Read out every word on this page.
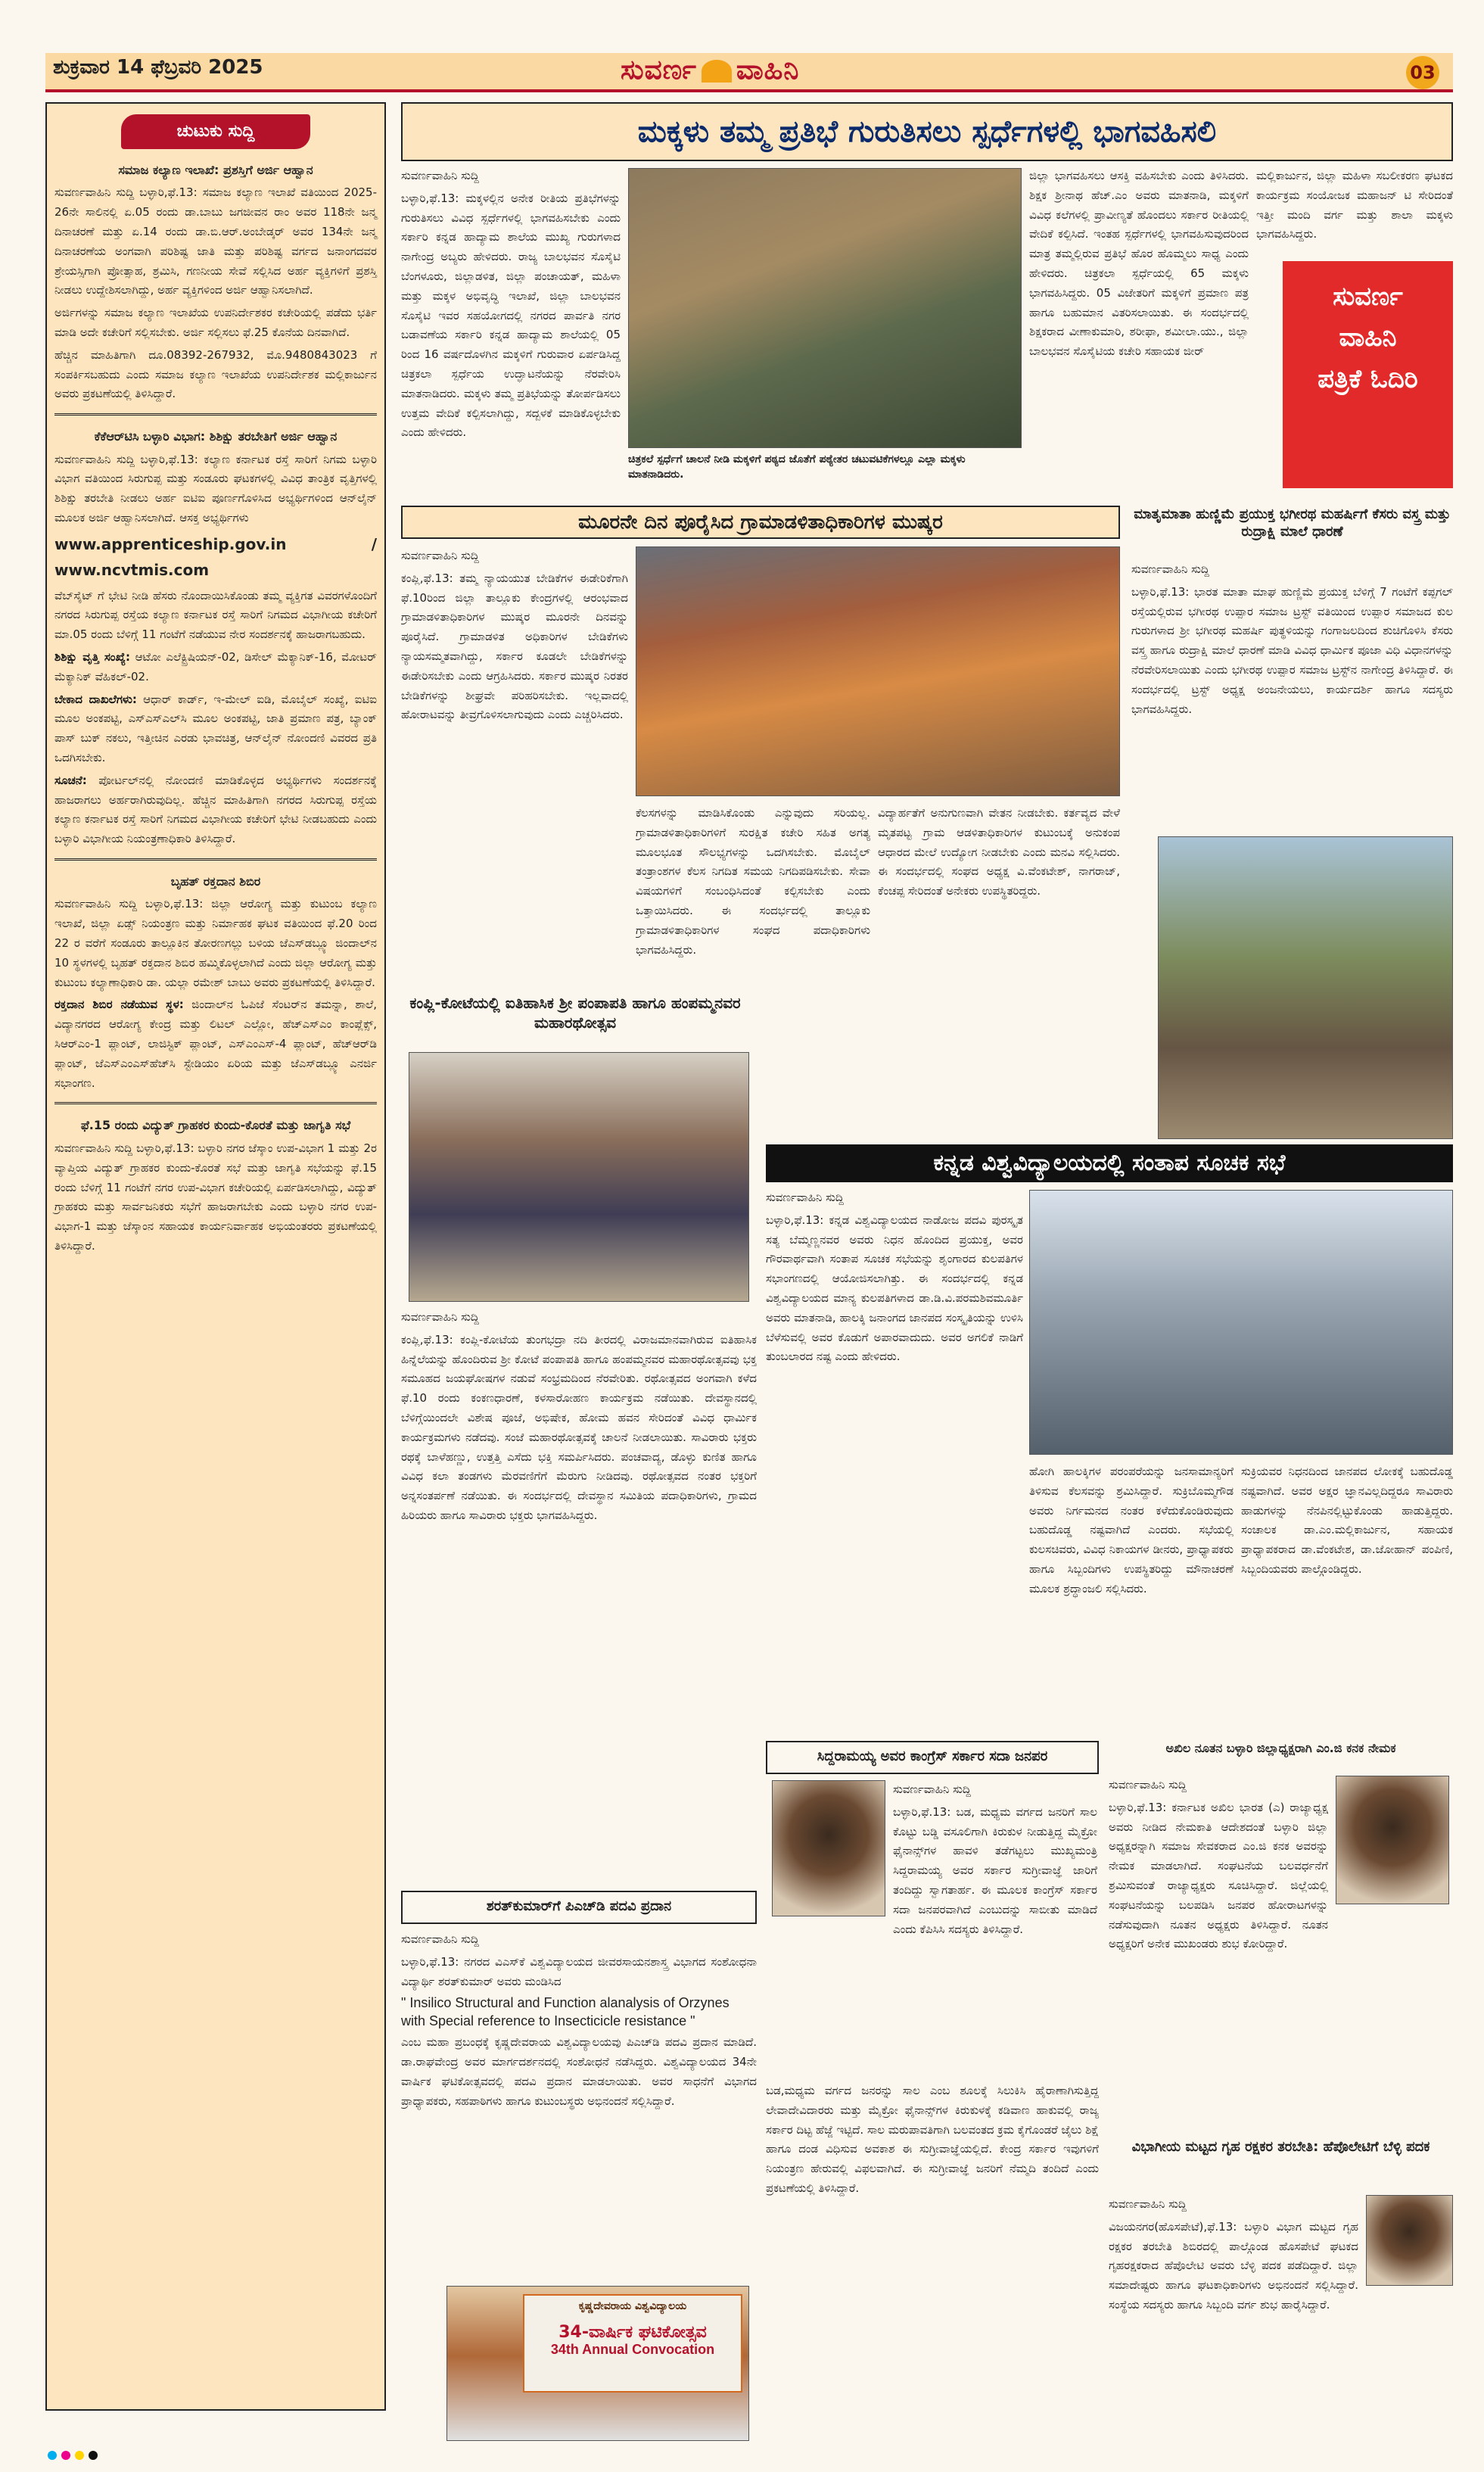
ಶುಕ್ರವಾರ 14 ಫೆಬ್ರವರಿ 2025	ಸುವರ್ಣ ವಾಹಿನಿ	03
ಚುಟುಕು ಸುದ್ದಿ
ಸಮಾಜ ಕಲ್ಯಾಣ ಇಲಾಖೆ: ಪ್ರಶಸ್ತಿಗೆ ಅರ್ಜಿ ಆಹ್ವಾನ

ಸುವರ್ಣವಾಹಿನಿ ಸುದ್ದಿ ಬಳ್ಳಾರಿ,ಫೆ.13: ಸಮಾಜ ಕಲ್ಯಾಣ ಇಲಾಖೆ ವತಿಯಿಂದ 2025-26ನೇ ಸಾಲಿನಲ್ಲಿ ಏ.05 ರಂದು ಡಾ.ಬಾಬು ಜಗಜೀವನ ರಾಂ ಅವರ 118ನೇ ಜನ್ಮ ದಿನಾಚರಣೆ ಮತ್ತು ಏ.14 ರಂದು ಡಾ.ಬಿ.ಆರ್.ಅಂಬೇಡ್ಕರ್ ಅವರ 134ನೇ ಜನ್ಮ ದಿನಾಚರಣೆಯ ಅಂಗವಾಗಿ ಪರಿಶಿಷ್ಟ ಜಾತಿ ಮತ್ತು ಪರಿಶಿಷ್ಟ ವರ್ಗದ ಜನಾಂಗದವರ ಶ್ರೇಯಸ್ಸಿಗಾಗಿ ಪ್ರೋತ್ಸಾಹ, ಶ್ರಮಿಸಿ, ಗಣನೀಯ ಸೇವೆ ಸಲ್ಲಿಸಿದ ಅರ್ಹ ವ್ಯಕ್ತಿಗಳಿಗೆ ಪ್ರಶಸ್ತಿ ನೀಡಲು ಉದ್ದೇಶಿಸಲಾಗಿದ್ದು, ಅರ್ಹ ವ್ಯಕ್ತಿಗಳಿಂದ ಅರ್ಜಿ ಆಹ್ವಾನಿಸಲಾಗಿದೆ.

ಅರ್ಜಿಗಳನ್ನು ಸಮಾಜ ಕಲ್ಯಾಣ ಇಲಾಖೆಯ ಉಪನಿರ್ದೇಶಕರ ಕಚೇರಿಯಲ್ಲಿ ಪಡೆದು ಭರ್ತಿ ಮಾಡಿ ಅದೇ ಕಚೇರಿಗೆ ಸಲ್ಲಿಸಬೇಕು. ಅರ್ಜಿ ಸಲ್ಲಿಸಲು ಫೆ.25 ಕೊನೆಯ ದಿನವಾಗಿದೆ.

ಹೆಚ್ಚಿನ ಮಾಹಿತಿಗಾಗಿ ದೂ.08392-267932, ಮೊ.9480843023 ಗೆ ಸಂಪರ್ಕಿಸಬಹುದು ಎಂದು ಸಮಾಜ ಕಲ್ಯಾಣ ಇಲಾಖೆಯ ಉಪನಿರ್ದೇಶಕ ಮಲ್ಲಿಕಾರ್ಜುನ ಅವರು ಪ್ರಕಟಣೆಯಲ್ಲಿ ತಿಳಿಸಿದ್ದಾರೆ.

ಕೆಕೆಆರ್‌ಟಿಸಿ ಬಳ್ಳಾರಿ ವಿಭಾಗ: ಶಿಶಿಕ್ಷು ತರಬೇತಿಗೆ ಅರ್ಜಿ ಆಹ್ವಾನ

ಸುವರ್ಣವಾಹಿನಿ ಸುದ್ದಿ ಬಳ್ಳಾರಿ,ಫೆ.13: ಕಲ್ಯಾಣ ಕರ್ನಾಟಕ ರಸ್ತೆ ಸಾರಿಗೆ ನಿಗಮ ಬಳ್ಳಾರಿ ವಿಭಾಗ ವತಿಯಿಂದ ಸಿರುಗುಪ್ಪ ಮತ್ತು ಸಂಡೂರು ಘಟಕಗಳಲ್ಲಿ ವಿವಿಧ ತಾಂತ್ರಿಕ ವೃತ್ತಿಗಳಲ್ಲಿ ಶಿಶಿಕ್ಷು ತರಬೇತಿ ನೀಡಲು ಅರ್ಹ ಐಟಿಐ ಪೂರ್ಣಗೊಳಿಸಿದ ಅಭ್ಯರ್ಥಿಗಳಿಂದ ಆನ್‌ಲೈನ್ ಮೂಲಕ ಅರ್ಜಿ ಆಹ್ವಾನಿಸಲಾಗಿದೆ. ಆಸಕ್ತ ಅಭ್ಯರ್ಥಿಗಳು

www.apprenticeship.gov.in / www.ncvtmis.com

ವೆಬ್‌ಸೈಟ್ ಗೆ ಭೇಟಿ ನೀಡಿ ಹೆಸರು ನೊಂದಾಯಿಸಿಕೊಂಡು ತಮ್ಮ ವ್ಯಕ್ತಿಗತ ವಿವರಗಳೊಂದಿಗೆ ನಗರದ ಸಿರುಗುಪ್ಪ ರಸ್ತೆಯ ಕಲ್ಯಾಣ ಕರ್ನಾಟಕ ರಸ್ತೆ ಸಾರಿಗೆ ನಿಗಮದ ವಿಭಾಗೀಯ ಕಚೇರಿಗೆ ಮಾ.05 ರಂದು ಬೆಳಿಗ್ಗೆ 11 ಗಂಟೆಗೆ ನಡೆಯುವ ನೇರ ಸಂದರ್ಶನಕ್ಕೆ ಹಾಜರಾಗಬಹುದು.

ಶಿಶಿಕ್ಷು ವೃತ್ತಿ ಸಂಖ್ಯೆ: ಆಟೋ ಎಲೆಕ್ಟ್ರಿಷಿಯನ್-02, ಡಿಸೇಲ್ ಮೆಕ್ಯಾನಿಕ್-16, ಮೋಟರ್ ಮೆಕ್ಯಾನಿಕ್ ವೆಹಿಕಲ್-02.

ಬೇಕಾದ ದಾಖಲೆಗಳು: ಆಧಾರ್ ಕಾರ್ಡ್, ಇ-ಮೇಲ್ ಐಡಿ, ಮೊಬೈಲ್ ಸಂಖ್ಯೆ, ಐಟಿಐ ಮೂಲ ಅಂಕಪಟ್ಟಿ, ಎಸ್‌ಎಸ್‌ಎಲ್‌ಸಿ ಮೂಲ ಅಂಕಪಟ್ಟಿ, ಜಾತಿ ಪ್ರಮಾಣ ಪತ್ರ, ಬ್ಯಾಂಕ್ ಪಾಸ್ ಬುಕ್ ನಕಲು, ಇತ್ತೀಚಿನ ಎರಡು ಭಾವಚಿತ್ರ, ಆನ್‌ಲೈನ್ ನೋಂದಣಿ ವಿವರದ ಪ್ರತಿ ಒದಗಿಸಬೇಕು.

ಸೂಚನೆ: ಪೋರ್ಟಲ್‌ನಲ್ಲಿ ನೋಂದಣಿ ಮಾಡಿಕೊಳ್ಳದ ಅಭ್ಯರ್ಥಿಗಳು ಸಂದರ್ಶನಕ್ಕೆ ಹಾಜರಾಗಲು ಅರ್ಹರಾಗಿರುವುದಿಲ್ಲ. ಹೆಚ್ಚಿನ ಮಾಹಿತಿಗಾಗಿ ನಗರದ ಸಿರುಗುಪ್ಪ ರಸ್ತೆಯ ಕಲ್ಯಾಣ ಕರ್ನಾಟಕ ರಸ್ತೆ ಸಾರಿಗೆ ನಿಗಮದ ವಿಭಾಗೀಯ ಕಚೇರಿಗೆ ಭೇಟಿ ನೀಡಬಹುದು ಎಂದು ಬಳ್ಳಾರಿ ವಿಭಾಗೀಯ ನಿಯಂತ್ರಣಾಧಿಕಾರಿ ತಿಳಿಸಿದ್ದಾರೆ.

ಬೃಹತ್ ರಕ್ತದಾನ ಶಿಬಿರ

ಸುವರ್ಣವಾಹಿನಿ ಸುದ್ದಿ ಬಳ್ಳಾರಿ,ಫೆ.13: ಜಿಲ್ಲಾ ಆರೋಗ್ಯ ಮತ್ತು ಕುಟುಂಬ ಕಲ್ಯಾಣ ಇಲಾಖೆ, ಜಿಲ್ಲಾ ಏಡ್ಸ್ ನಿಯಂತ್ರಣ ಮತ್ತು ನಿರ್ಮಾಹಕ ಘಟಕ ವತಿಯಿಂದ ಫೆ.20 ರಿಂದ 22 ರ ವರೆಗೆ ಸಂಡೂರು ತಾಲ್ಲೂಕಿನ ತೋರಣಗಲ್ಲು ಬಳಿಯ ಜೆಎಸ್‌ಡಬ್ಲ್ಯೂ ಜಿಂದಾಲ್‌ನ 10 ಸ್ಥಳಗಳಲ್ಲಿ ಬೃಹತ್ ರಕ್ತದಾನ ಶಿಬಿರ ಹಮ್ಮಿಕೊಳ್ಳಲಾಗಿದೆ ಎಂದು ಜಿಲ್ಲಾ ಆರೋಗ್ಯ ಮತ್ತು ಕುಟುಂಬ ಕಲ್ಯಾಣಾಧಿಕಾರಿ ಡಾ. ಯಲ್ಲಾ ರಮೇಶ್ ಬಾಬು ಅವರು ಪ್ರಕಟಣೆಯಲ್ಲಿ ತಿಳಿಸಿದ್ದಾರೆ.

ರಕ್ತದಾನ ಶಿಬಿರ ನಡೆಯುವ ಸ್ಥಳ: ಜಿಂದಾಲ್‌ನ ಓಪಿಜೆ ಸೆಂಟರ್‌ನ ತಮನ್ನಾ, ಶಾಲೆ, ವಿದ್ಯಾನಗರದ ಆರೋಗ್ಯ ಕೇಂದ್ರ ಮತ್ತು ಲಿಟಲ್ ಎಲ್ಲೋ, ಹೆಚ್ಎಸ್‌ಎಂ ಕಾಂಪ್ಲೆಕ್ಸ್, ಸಿಆರ್‌ಎಂ-1 ಪ್ಲಾಂಟ್, ಲಾಜಿಸ್ಟಿಕ್ ಪ್ಲಾಂಟ್, ಎಸ್‌ಎಂಎಸ್-4 ಪ್ಲಾಂಟ್, ಹೆಚ್‌ಆರ್‌ಡಿ ಪ್ಲಾಂಟ್, ಜೆಎಸ್‌ಎಂಎಸ್‌ಹೆಚ್‌ಸಿ ಸ್ಟೇಡಿಯಂ ಏರಿಯ ಮತ್ತು ಜೆಎಸ್‌ಡಬ್ಲ್ಯೂ ಎನರ್ಜಿ ಸಭಾಂಗಣ.

ಫೆ.15 ರಂದು ವಿದ್ಯುತ್ ಗ್ರಾಹಕರ ಕುಂದು-ಕೊರತೆ ಮತ್ತು ಜಾಗೃತಿ ಸಭೆ

ಸುವರ್ಣವಾಹಿನಿ ಸುದ್ದಿ ಬಳ್ಳಾರಿ,ಫೆ.13: ಬಳ್ಳಾರಿ ನಗರ ಜೆಸ್ಕಾಂ ಉಪ-ವಿಭಾಗ 1 ಮತ್ತು 2ರ ವ್ಯಾಪ್ತಿಯ ವಿದ್ಯುತ್ ಗ್ರಾಹಕರ ಕುಂದು-ಕೊರತೆ ಸಭೆ ಮತ್ತು ಜಾಗೃತಿ ಸಭೆಯನ್ನು ಫೆ.15 ರಂದು ಬೆಳಿಗ್ಗೆ 11 ಗಂಟೆಗೆ ನಗರ ಉಪ-ವಿಭಾಗ ಕಚೇರಿಯಲ್ಲಿ ಏರ್ಪಡಿಸಲಾಗಿದ್ದು, ವಿದ್ಯುತ್ ಗ್ರಾಹಕರು ಮತ್ತು ಸಾರ್ವಜನಿಕರು ಸಭೆಗೆ ಹಾಜರಾಗಬೇಕು ಎಂದು ಬಳ್ಳಾರಿ ನಗರ ಉಪ-ವಿಭಾಗ-1 ಮತ್ತು ಜೆಸ್ಕಾಂನ ಸಹಾಯಕ ಕಾರ್ಯನಿರ್ವಾಹಕ ಅಭಿಯಂತರರು ಪ್ರಕಟಣೆಯಲ್ಲಿ ತಿಳಿಸಿದ್ದಾರೆ.

ಮಕ್ಕಳು ತಮ್ಮ ಪ್ರತಿಭೆ ಗುರುತಿಸಲು ಸ್ಪರ್ಧೆಗಳಲ್ಲಿ ಭಾಗವಹಿಸಲಿ

ಸುವರ್ಣವಾಹಿನಿ ಸುದ್ದಿ

ಬಳ್ಳಾರಿ,ಫೆ.13: ಮಕ್ಕಳಲ್ಲಿನ ಅನೇಕ ರೀತಿಯ ಪ್ರತಿಭೆಗಳನ್ನು ಗುರುತಿಸಲು ವಿವಿಧ ಸ್ಪರ್ಧೆಗಳಲ್ಲಿ ಭಾಗವಹಿಸಬೇಕು ಎಂದು ಸರ್ಕಾರಿ ಕನ್ನಡ ಹಾದ್ಯಾಮ ಶಾಲೆಯ ಮುಖ್ಯ ಗುರುಗಳಾದ ನಾಗೇಂದ್ರ ಅಬ್ಯರು ಹೇಳಿದರು. ರಾಜ್ಯ ಬಾಲಭವನ ಸೊಸೈಟಿ ಬೆಂಗಳೂರು, ಜಿಲ್ಲಾಡಳಿತ, ಜಿಲ್ಲಾ ಪಂಚಾಯತ್, ಮಹಿಳಾ ಮತ್ತು ಮಕ್ಕಳ ಅಭಿವೃದ್ಧಿ ಇಲಾಖೆ, ಜಿಲ್ಲಾ ಬಾಲಭವನ ಸೊಸೈಟಿ ಇವರ ಸಹಯೋಗದಲ್ಲಿ ನಗರದ ಪಾರ್ವತಿ ನಗರ ಬಡಾವಣೆಯ ಸರ್ಕಾರಿ ಕನ್ನಡ ಹಾದ್ಯಾಮ ಶಾಲೆಯಲ್ಲಿ 05 ರಿಂದ 16 ವರ್ಷದೊಳಗಿನ ಮಕ್ಕಳಿಗೆ ಗುರುವಾರ ಏರ್ಪಡಿಸಿದ್ದ ಚಿತ್ರಕಲಾ ಸ್ಪರ್ಧೆಯ ಉದ್ಘಾಟನೆಯನ್ನು ನೆರವೇರಿಸಿ ಮಾತನಾಡಿದರು. ಮಕ್ಕಳು ತಮ್ಮ ಪ್ರತಿಭೆಯನ್ನು ತೋರ್ಪಡಿಸಲು ಉತ್ತಮ ವೇದಿಕೆ ಕಲ್ಪಿಸಲಾಗಿದ್ದು, ಸದ್ಬಳಕೆ ಮಾಡಿಕೊಳ್ಳಬೇಕು ಎಂದು ಹೇಳಿದರು.

ಚಿತ್ರಕಲೆ ಸ್ಪರ್ಧೆಗೆ ಚಾಲನೆ ನೀಡಿ ಮಕ್ಕಳಿಗೆ ಪಠ್ಯದ ಜೊತೆಗೆ ಪಠ್ಯೇತರ ಚಟುವಟಿಕೆಗಳಲ್ಲೂ ಎಲ್ಲಾ ಮಕ್ಕಳು ಮಾತನಾಡಿದರು.

ಜಿಲ್ಲಾ ಭಾಗವಹಿಸಲು ಆಸಕ್ತಿ ವಹಿಸಬೇಕು ಎಂದು ತಿಳಿಸಿದರು. ಶಿಕ್ಷಕ ಶ್ರೀನಾಥ ಹೆಚ್.ಎಂ ಅವರು ಮಾತನಾಡಿ, ಮಕ್ಕಳಿಗೆ ವಿವಿಧ ಕಲೆಗಳಲ್ಲಿ ಪ್ರಾವೀಣ್ಯತೆ ಹೊಂದಲು ಸರ್ಕಾರ ರೀತಿಯಲ್ಲಿ ವೇದಿಕೆ ಕಲ್ಪಿಸಿದೆ. ಇಂತಹ ಸ್ಪರ್ಧೆಗಳಲ್ಲಿ ಭಾಗವಹಿಸುವುದರಿಂದ ಮಾತ್ರ ತಮ್ಮಲ್ಲಿರುವ ಪ್ರತಿಭೆ ಹೊರ ಹೊಮ್ಮಲು ಸಾಧ್ಯ ಎಂದು ಹೇಳಿದರು. ಚಿತ್ರಕಲಾ ಸ್ಪರ್ಧೆಯಲ್ಲಿ 65 ಮಕ್ಕಳು ಭಾಗವಹಿಸಿದ್ದರು. 05 ವಿಜೇತರಿಗೆ ಮಕ್ಕಳಿಗೆ ಪ್ರಮಾಣ ಪತ್ರ ಹಾಗೂ ಬಹುಮಾನ ವಿತರಿಸಲಾಯಿತು. ಈ ಸಂದರ್ಭದಲ್ಲಿ ಶಿಕ್ಷಕರಾದ ವೀಣಾಕುಮಾರಿ, ಶರೀಫಾ, ಶಮೀಲಾ.ಯು., ಜಿಲ್ಲಾ ಬಾಲಭವನ ಸೊಸೈಟಿಯ ಕಚೇರಿ ಸಹಾಯಕ ಜೀರ್

ಮಲ್ಲಿಕಾರ್ಜುನ, ಜಿಲ್ಲಾ ಮಹಿಳಾ ಸಬಲೀಕರಣ ಘಟಕದ ಕಾರ್ಯಕ್ರಮ ಸಂಯೋಜಕ ಮಹಾಜನ್ ಟಿ ಸೇರಿದಂತೆ ಇತ್ತೀ ಮಂದಿ ವರ್ಗ ಮತ್ತು ಶಾಲಾ ಮಕ್ಕಳು ಭಾಗವಹಿಸಿದ್ದರು.

ಸುವರ್ಣ
ವಾಹಿನಿ
ಪತ್ರಿಕೆ ಓದಿರಿ
ಮೂರನೇ ದಿನ ಪೂರೈಸಿದ ಗ್ರಾಮಾಡಳಿತಾಧಿಕಾರಿಗಳ ಮುಷ್ಕರ

ಸುವರ್ಣವಾಹಿನಿ ಸುದ್ದಿ

ಕಂಪ್ಲಿ,ಫೆ.13: ತಮ್ಮ ನ್ಯಾಯಯುತ ಬೇಡಿಕೆಗಳ ಈಡೇರಿಕೆಗಾಗಿ ಫೆ.10ರಿಂದ ಜಿಲ್ಲಾ ತಾಲ್ಲೂಕು ಕೇಂದ್ರಗಳಲ್ಲಿ ಆರಂಭವಾದ ಗ್ರಾಮಾಡಳಿತಾಧಿಕಾರಿಗಳ ಮುಷ್ಕರ ಮೂರನೇ ದಿನವನ್ನು ಪೂರೈಸಿದೆ. ಗ್ರಾಮಾಡಳಿತ ಅಧಿಕಾರಿಗಳ ಬೇಡಿಕೆಗಳು ನ್ಯಾಯಸಮ್ಮತವಾಗಿದ್ದು, ಸರ್ಕಾರ ಕೂಡಲೇ ಬೇಡಿಕೆಗಳನ್ನು ಈಡೇರಿಸಬೇಕು ಎಂದು ಆಗ್ರಹಿಸಿದರು. ಸರ್ಕಾರ ಮುಷ್ಕರ ನಿರತರ ಬೇಡಿಕೆಗಳನ್ನು ಶೀಘ್ರವೇ ಪರಿಹರಿಸಬೇಕು. ಇಲ್ಲವಾದಲ್ಲಿ ಹೋರಾಟವನ್ನು ತೀವ್ರಗೊಳಿಸಲಾಗುವುದು ಎಂದು ಎಚ್ಚರಿಸಿದರು.

ಕೆಲಸಗಳನ್ನು ಮಾಡಿಸಿಕೊಂಡು ಎನ್ನುವುದು ಸರಿಯಲ್ಲ. ಗ್ರಾಮಾಡಳಿತಾಧಿಕಾರಿಗಳಿಗೆ ಸುರಕ್ಷಿತ ಕಚೇರಿ ಸಹಿತ ಅಗತ್ಯ ಮೂಲಭೂತ ಸೌಲಭ್ಯಗಳನ್ನು ಒದಗಿಸಬೇಕು. ಮೊಬೈಲ್ ತಂತ್ರಾಂಶಗಳ ಕೆಲಸ ನಿಗದಿತ ಸಮಯ ನಿಗದಿಪಡಿಸಬೇಕು. ಸೇವಾ ವಿಷಯಗಳಿಗೆ ಸಂಬಂಧಿಸಿದಂತೆ ಕಲ್ಪಿಸಬೇಕು ಎಂದು ಒತ್ತಾಯಿಸಿದರು. ಈ ಸಂದರ್ಭದಲ್ಲಿ ತಾಲ್ಲೂಕು ಗ್ರಾಮಾಡಳಿತಾಧಿಕಾರಿಗಳ ಸಂಘದ ಪದಾಧಿಕಾರಿಗಳು ಭಾಗವಹಿಸಿದ್ದರು.

ವಿದ್ಯಾರ್ಹತೆಗೆ ಅನುಗುಣವಾಗಿ ವೇತನ ನೀಡಬೇಕು. ಕರ್ತವ್ಯದ ವೇಳೆ ಮೃತಪಟ್ಟ ಗ್ರಾಮ ಆಡಳಿತಾಧಿಕಾರಿಗಳ ಕುಟುಂಬಕ್ಕೆ ಅನುಕಂಪ ಆಧಾರದ ಮೇಲೆ ಉದ್ಯೋಗ ನೀಡಬೇಕು ಎಂದು ಮನವಿ ಸಲ್ಲಿಸಿದರು. ಈ ಸಂದರ್ಭದಲ್ಲಿ ಸಂಘದ ಅಧ್ಯಕ್ಷ ವಿ.ವೆಂಕಟೇಶ್, ನಾಗರಾಜ್, ಕೆಂಚಪ್ಪ ಸೇರಿದಂತೆ ಅನೇಕರು ಉಪಸ್ಥಿತರಿದ್ದರು.

ಮಾತೃಮಾತಾ ಹುಣ್ಣಿಮೆ ಪ್ರಯುಕ್ತ ಭಗೀರಥ ಮಹರ್ಷಿಗೆ ಕೆಸರು ವಸ್ತ್ರ ಮತ್ತು ರುದ್ರಾಕ್ಷಿ ಮಾಲೆ ಧಾರಣೆ

ಸುವರ್ಣವಾಹಿನಿ ಸುದ್ದಿ

ಬಳ್ಳಾರಿ,ಫೆ.13: ಭಾರತ ಮಾತಾ ಮಾಘ ಹುಣ್ಣಿಮೆ ಪ್ರಯುಕ್ತ ಬೆಳಿಗ್ಗೆ 7 ಗಂಟೆಗೆ ಕಪ್ಪಗಲ್ ರಸ್ತೆಯಲ್ಲಿರುವ ಭಗೀರಥ ಉಪ್ಪಾರ ಸಮಾಜ ಟ್ರಸ್ಟ್ ವತಿಯಿಂದ ಉಪ್ಪಾರ ಸಮಾಜದ ಕುಲ ಗುರುಗಳಾದ ಶ್ರೀ ಭಗೀರಥ ಮಹರ್ಷಿ ಪುತ್ಥಳಿಯನ್ನು ಗಂಗಾಜಲದಿಂದ ಶುಚಿಗೊಳಿಸಿ ಕೆಸರು ವಸ್ತ್ರ ಹಾಗೂ ರುದ್ರಾಕ್ಷಿ ಮಾಲೆ ಧಾರಣೆ ಮಾಡಿ ವಿವಿಧ ಧಾರ್ಮಿಕ ಪೂಜಾ ವಿಧಿ ವಿಧಾನಗಳನ್ನು ನೆರವೇರಿಸಲಾಯಿತು ಎಂದು ಭಗೀರಥ ಉಪ್ಪಾರ ಸಮಾಜ ಟ್ರಸ್ಟ್‌ನ ನಾಗೇಂದ್ರ ತಿಳಿಸಿದ್ದಾರೆ. ಈ ಸಂದರ್ಭದಲ್ಲಿ ಟ್ರಸ್ಟ್ ಅಧ್ಯಕ್ಷ ಅಂಜನೇಯಲು, ಕಾರ್ಯದರ್ಶಿ ಹಾಗೂ ಸದಸ್ಯರು ಭಾಗವಹಿಸಿದ್ದರು.

ಕಂಪ್ಲಿ-ಕೋಟೆಯಲ್ಲಿ ಐತಿಹಾಸಿಕ ಶ್ರೀ ಪಂಪಾಪತಿ ಹಾಗೂ ಹಂಪಮ್ಮನವರ ಮಹಾರಥೋತ್ಸವ

ಸುವರ್ಣವಾಹಿನಿ ಸುದ್ದಿ

ಕಂಪ್ಲಿ,ಫೆ.13: ಕಂಪ್ಲಿ-ಕೋಟೆಯ ತುಂಗಭದ್ರಾ ನದಿ ತೀರದಲ್ಲಿ ವಿರಾಜಮಾನವಾಗಿರುವ ಐತಿಹಾಸಿಕ ಹಿನ್ನೆಲೆಯನ್ನು ಹೊಂದಿರುವ ಶ್ರೀ ಕೋಟೆ ಪಂಪಾಪತಿ ಹಾಗೂ ಹಂಪಮ್ಮನವರ ಮಹಾರಥೋತ್ಸವವು ಭಕ್ತ ಸಮೂಹದ ಜಯಘೋಷಗಳ ನಡುವೆ ಸಂಭ್ರಮದಿಂದ ನೆರವೇರಿತು. ರಥೋತ್ಸವದ ಅಂಗವಾಗಿ ಕಳೆದ ಫೆ.10 ರಂದು ಕಂಕಣಧಾರಣೆ, ಕಳಸಾರೋಹಣ ಕಾರ್ಯಕ್ರಮ ನಡೆಯಿತು. ದೇವಸ್ಥಾನದಲ್ಲಿ ಬೆಳಿಗ್ಗೆಯಿಂದಲೇ ವಿಶೇಷ ಪೂಜೆ, ಅಭಿಷೇಕ, ಹೋಮ ಹವನ ಸೇರಿದಂತೆ ವಿವಿಧ ಧಾರ್ಮಿಕ ಕಾರ್ಯಕ್ರಮಗಳು ನಡೆದವು. ಸಂಜೆ ಮಹಾರಥೋತ್ಸವಕ್ಕೆ ಚಾಲನೆ ನೀಡಲಾಯಿತು. ಸಾವಿರಾರು ಭಕ್ತರು ರಥಕ್ಕೆ ಬಾಳೆಹಣ್ಣು, ಉತ್ತತ್ತಿ ಎಸೆದು ಭಕ್ತಿ ಸಮರ್ಪಿಸಿದರು. ಪಂಚವಾದ್ಯ, ಡೊಳ್ಳು ಕುಣಿತ ಹಾಗೂ ವಿವಿಧ ಕಲಾ ತಂಡಗಳು ಮೆರವಣಿಗೆಗೆ ಮೆರುಗು ನೀಡಿದವು. ರಥೋತ್ಸವದ ನಂತರ ಭಕ್ತರಿಗೆ ಅನ್ನಸಂತರ್ಪಣೆ ನಡೆಯಿತು. ಈ ಸಂದರ್ಭದಲ್ಲಿ ದೇವಸ್ಥಾನ ಸಮಿತಿಯ ಪದಾಧಿಕಾರಿಗಳು, ಗ್ರಾಮದ ಹಿರಿಯರು ಹಾಗೂ ಸಾವಿರಾರು ಭಕ್ತರು ಭಾಗವಹಿಸಿದ್ದರು.

ಕನ್ನಡ ವಿಶ್ವವಿದ್ಯಾಲಯದಲ್ಲಿ ಸಂತಾಪ ಸೂಚಕ ಸಭೆ

ಸುವರ್ಣವಾಹಿನಿ ಸುದ್ದಿ

ಬಳ್ಳಾರಿ,ಫೆ.13: ಕನ್ನಡ ವಿಶ್ವವಿದ್ಯಾಲಯದ ನಾಡೋಜ ಪದವಿ ಪುರಸ್ಕೃತ ಸತ್ಯ ಬೆಮ್ಮಣ್ಣನವರ ಅವರು ನಿಧನ ಹೊಂದಿದ ಪ್ರಯುಕ್ತ, ಅವರ ಗೌರವಾರ್ಥವಾಗಿ ಸಂತಾಪ ಸೂಚಕ ಸಭೆಯನ್ನು ಶೃಂಗಾರದ ಕುಲಪತಿಗಳ ಸಭಾಂಗಣದಲ್ಲಿ ಆಯೋಜಿಸಲಾಗಿತ್ತು. ಈ ಸಂದರ್ಭದಲ್ಲಿ ಕನ್ನಡ ವಿಶ್ವವಿದ್ಯಾಲಯದ ಮಾನ್ಯ ಕುಲಪತಿಗಳಾದ ಡಾ.ಡಿ.ವಿ.ಪರಮಶಿವಮೂರ್ತಿ ಅವರು ಮಾತನಾಡಿ, ಹಾಲಕ್ಕಿ ಜನಾಂಗದ ಜಾನಪದ ಸಂಸ್ಕೃತಿಯನ್ನು ಉಳಿಸಿ ಬೆಳೆಸುವಲ್ಲಿ ಅವರ ಕೊಡುಗೆ ಅಪಾರವಾದುದು. ಅವರ ಅಗಲಿಕೆ ನಾಡಿಗೆ ತುಂಬಲಾರದ ನಷ್ಟ ಎಂದು ಹೇಳಿದರು.

ಹೋಗಿ ಹಾಲಕ್ಕಿಗಳ ಪರಂಪರೆಯನ್ನು ಜನಸಾಮಾನ್ಯರಿಗೆ ತಿಳಿಸುವ ಕೆಲಸವನ್ನು ಶ್ರಮಿಸಿದ್ದಾರೆ. ಸುಕ್ರಿಬೊಮ್ಮಗೌಡ ಅವರು ನಿರ್ಗಮನದ ನಂತರ ಕಳೆದುಕೊಂಡಿರುವುದು ಬಹುದೊಡ್ಡ ನಷ್ಟವಾಗಿದೆ ಎಂದರು. ಸಭೆಯಲ್ಲಿ ಕುಲಸಚಿವರು, ವಿವಿಧ ನಿಕಾಯಗಳ ಡೀನರು, ಪ್ರಾಧ್ಯಾಪಕರು ಹಾಗೂ ಸಿಬ್ಬಂದಿಗಳು ಉಪಸ್ಥಿತರಿದ್ದು ಮೌನಾಚರಣೆ ಮೂಲಕ ಶ್ರದ್ಧಾಂಜಲಿ ಸಲ್ಲಿಸಿದರು.

ಸುಕ್ರಿಯವರ ನಿಧನದಿಂದ ಜಾನಪದ ಲೋಕಕ್ಕೆ ಬಹುದೊಡ್ಡ ನಷ್ಟವಾಗಿದೆ. ಅವರ ಅಕ್ಷರ ಜ್ಞಾನವಿಲ್ಲದಿದ್ದರೂ ಸಾವಿರಾರು ಹಾಡುಗಳನ್ನು ನೆನಪಿನಲ್ಲಿಟ್ಟುಕೊಂಡು ಹಾಡುತ್ತಿದ್ದರು. ಸಂಚಾಲಕ ಡಾ.ಎಂ.ಮಲ್ಲಿಕಾರ್ಜುನ, ಸಹಾಯಕ ಪ್ರಾಧ್ಯಾಪಕರಾದ ಡಾ.ವೆಂಕಟೇಶ, ಡಾ.ಜೋಹಾನ್ ಪಂಪಿಣಿ, ಸಿಬ್ಬಂದಿಯವರು ಪಾಲ್ಗೊಂಡಿದ್ದರು.

ಸಿದ್ದರಾಮಯ್ಯ ಅವರ ಕಾಂಗ್ರೆಸ್ ಸರ್ಕಾರ ಸದಾ ಜನಪರ

ಸುವರ್ಣವಾಹಿನಿ ಸುದ್ದಿ

ಬಳ್ಳಾರಿ,ಫೆ.13: ಬಡ, ಮಧ್ಯಮ ವರ್ಗದ ಜನರಿಗೆ ಸಾಲ ಕೊಟ್ಟು ಬಡ್ಡಿ ವಸೂಲಿಗಾಗಿ ಕಿರುಕುಳ ನೀಡುತ್ತಿದ್ದ ಮೈಕ್ರೋ ಫೈನಾನ್ಸ್‌ಗಳ ಹಾವಳಿ ತಡೆಗಟ್ಟಲು ಮುಖ್ಯಮಂತ್ರಿ ಸಿದ್ದರಾಮಯ್ಯ ಅವರ ಸರ್ಕಾರ ಸುಗ್ರೀವಾಜ್ಞೆ ಜಾರಿಗೆ ತಂದಿದ್ದು ಸ್ವಾಗತಾರ್ಹ. ಈ ಮೂಲಕ ಕಾಂಗ್ರೆಸ್ ಸರ್ಕಾರ ಸದಾ ಜನಪರವಾಗಿದೆ ಎಂಬುದನ್ನು ಸಾಬೀತು ಮಾಡಿದೆ ಎಂದು ಕೆಪಿಸಿಸಿ ಸದಸ್ಯರು ತಿಳಿಸಿದ್ದಾರೆ.

ಬಡ,ಮಧ್ಯಮ ವರ್ಗದ ಜನರನ್ನು ಸಾಲ ಎಂಬ ಶೂಲಕ್ಕೆ ಸಿಲುಕಿಸಿ ಹೈರಾಣಾಗಿಸುತ್ತಿದ್ದ ಲೇವಾದೇವಿದಾರರು ಮತ್ತು ಮೈಕ್ರೋ ಫೈನಾನ್ಸ್‌ಗಳ ಕಿರುಕುಳಕ್ಕೆ ಕಡಿವಾಣ ಹಾಕುವಲ್ಲಿ ರಾಜ್ಯ ಸರ್ಕಾರ ದಿಟ್ಟ ಹೆಜ್ಜೆ ಇಟ್ಟಿದೆ. ಸಾಲ ಮರುಪಾವತಿಗಾಗಿ ಬಲವಂತದ ಕ್ರಮ ಕೈಗೊಂಡರೆ ಜೈಲು ಶಿಕ್ಷೆ ಹಾಗೂ ದಂಡ ವಿಧಿಸುವ ಅವಕಾಶ ಈ ಸುಗ್ರೀವಾಜ್ಞೆಯಲ್ಲಿದೆ. ಕೇಂದ್ರ ಸರ್ಕಾರ ಇವುಗಳಿಗೆ ನಿಯಂತ್ರಣ ಹೇರುವಲ್ಲಿ ವಿಫಲವಾಗಿದೆ. ಈ ಸುಗ್ರೀವಾಜ್ಞೆ ಜನರಿಗೆ ನೆಮ್ಮದಿ ತಂದಿದೆ ಎಂದು ಪ್ರಕಟಣೆಯಲ್ಲಿ ತಿಳಿಸಿದ್ದಾರೆ.

ಅಖಿಲ ನೂತನ ಬಳ್ಳಾರಿ ಜಿಲ್ಲಾಧ್ಯಕ್ಷರಾಗಿ ಎಂ.ಜಿ ಕನಕ ನೇಮಕ

ಸುವರ್ಣವಾಹಿನಿ ಸುದ್ದಿ

ಬಳ್ಳಾರಿ,ಫೆ.13: ಕರ್ನಾಟಕ ಅಖಿಲ ಭಾರತ (ಎ) ರಾಜ್ಯಾಧ್ಯಕ್ಷ ಅವರು ನೀಡಿದ ನೇಮಕಾತಿ ಆದೇಶದಂತೆ ಬಳ್ಳಾರಿ ಜಿಲ್ಲಾ ಅಧ್ಯಕ್ಷರನ್ನಾಗಿ ಸಮಾಜ ಸೇವಕರಾದ ಎಂ.ಜಿ ಕನಕ ಅವರನ್ನು ನೇಮಕ ಮಾಡಲಾಗಿದೆ. ಸಂಘಟನೆಯ ಬಲವರ್ಧನೆಗೆ ಶ್ರಮಿಸುವಂತೆ ರಾಜ್ಯಾಧ್ಯಕ್ಷರು ಸೂಚಿಸಿದ್ದಾರೆ. ಜಿಲ್ಲೆಯಲ್ಲಿ ಸಂಘಟನೆಯನ್ನು ಬಲಪಡಿಸಿ ಜನಪರ ಹೋರಾಟಗಳನ್ನು ನಡೆಸುವುದಾಗಿ ನೂತನ ಅಧ್ಯಕ್ಷರು ತಿಳಿಸಿದ್ದಾರೆ. ನೂತನ ಅಧ್ಯಕ್ಷರಿಗೆ ಅನೇಕ ಮುಖಂಡರು ಶುಭ ಕೋರಿದ್ದಾರೆ.

ಶರತ್‌ಕುಮಾರ್‌ಗೆ ಪಿಎಚ್‌ಡಿ ಪದವಿ ಪ್ರದಾನ

ಸುವರ್ಣವಾಹಿನಿ ಸುದ್ದಿ

ಬಳ್ಳಾರಿ,ಫೆ.13: ನಗರದ ವಿಎಸ್‌ಕೆ ವಿಶ್ವವಿದ್ಯಾಲಯದ ಜೀವರಸಾಯನಶಾಸ್ತ್ರ ವಿಭಾಗದ ಸಂಶೋಧನಾ ವಿದ್ಯಾರ್ಥಿ ಶರತ್‌ಕುಮಾರ್ ಅವರು ಮಂಡಿಸಿದ

" Insilico Structural and Function alanalysis of Orzynes with Special reference to Insecticicle resistance "

ಎಂಬ ಮಹಾ ಪ್ರಬಂಧಕ್ಕೆ ಕೃಷ್ಣದೇವರಾಯ ವಿಶ್ವವಿದ್ಯಾಲಯವು ಪಿಎಚ್‌ಡಿ ಪದವಿ ಪ್ರದಾನ ಮಾಡಿದೆ. ಡಾ.ರಾಘವೇಂದ್ರ ಅವರ ಮಾರ್ಗದರ್ಶನದಲ್ಲಿ ಸಂಶೋಧನೆ ನಡೆಸಿದ್ದರು. ವಿಶ್ವವಿದ್ಯಾಲಯದ 34ನೇ ವಾರ್ಷಿಕ ಘಟಿಕೋತ್ಸವದಲ್ಲಿ ಪದವಿ ಪ್ರದಾನ ಮಾಡಲಾಯಿತು. ಅವರ ಸಾಧನೆಗೆ ವಿಭಾಗದ ಪ್ರಾಧ್ಯಾಪಕರು, ಸಹಪಾಠಿಗಳು ಹಾಗೂ ಕುಟುಂಬಸ್ಥರು ಅಭಿನಂದನೆ ಸಲ್ಲಿಸಿದ್ದಾರೆ.

ಕೃಷ್ಣದೇವರಾಯ ವಿಶ್ವವಿದ್ಯಾಲಯ
34-ವಾರ್ಷಿಕ ಘಟಿಕೋತ್ಸವ
34th Annual Convocation
ವಿಭಾಗೀಯ ಮಟ್ಟದ ಗೃಹ ರಕ್ಷಕರ ತರಬೇತಿ: ಹೆಪೊಲೇಟಿಗೆ ಬೆಳ್ಳಿ ಪದಕ

ಸುವರ್ಣವಾಹಿನಿ ಸುದ್ದಿ

ವಿಜಯನಗರ(ಹೊಸಪೇಟೆ),ಫೆ.13: ಬಳ್ಳಾರಿ ವಿಭಾಗ ಮಟ್ಟದ ಗೃಹ ರಕ್ಷಕರ ತರಬೇತಿ ಶಿಬಿರದಲ್ಲಿ ಪಾಲ್ಗೊಂಡ ಹೊಸಪೇಟೆ ಘಟಕದ ಗೃಹರಕ್ಷಕರಾದ ಹೆಪೊಲೇಟಿ ಅವರು ಬೆಳ್ಳಿ ಪದಕ ಪಡೆದಿದ್ದಾರೆ. ಜಿಲ್ಲಾ ಸಮಾದೇಷ್ಟರು ಹಾಗೂ ಘಟಕಾಧಿಕಾರಿಗಳು ಅಭಿನಂದನೆ ಸಲ್ಲಿಸಿದ್ದಾರೆ. ಸಂಸ್ಥೆಯ ಸದಸ್ಯರು ಹಾಗೂ ಸಿಬ್ಬಂದಿ ವರ್ಗ ಶುಭ ಹಾರೈಸಿದ್ದಾರೆ.
